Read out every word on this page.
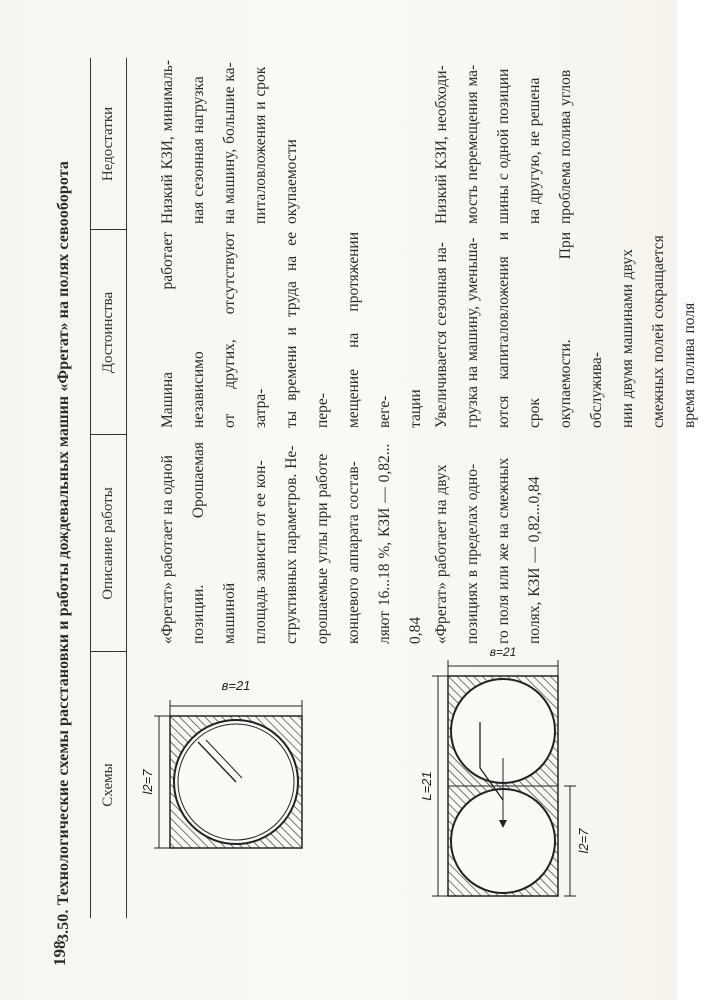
198
3.50. Технологические схемы расстановки и работы дождевальных машин «Фрегат» на полях севооборота	Схемы
Описание работы
Достоинства
Недостатки
l2=7
в=21
«Фрегат» работает на одной позиции. Орошаемая машиной площадь зависит от ее кон- структивных параметров. Не- орошаемые углы при работе концевого аппарата состав- ляют 16...18 %, КЗИ — 0,82... 0,84
Машина работает независимо от других, отсутствуют затра- ты времени и труда на ее пере- мещение на протяжении веге- тации
Низкий КЗИ, минималь- ная сезонная нагрузка на машину, большие ка- питаловложения и срок окупаемости
L=21
в=21
l2=7
«Фрегат» работает на двух позициях в пределах одно- го поля или же на смежных полях, КЗИ — 0,82...0,84
Увеличивается сезонная на- грузка на машину, уменьша- ются капиталовложения и срок окупаемости. При обслужива- нии двумя машинами двух смежных полей сокращается время полива поля
Низкий КЗИ, необходи- мость перемещения ма- шины с одной позиции на другую, не решена проблема полива углов
